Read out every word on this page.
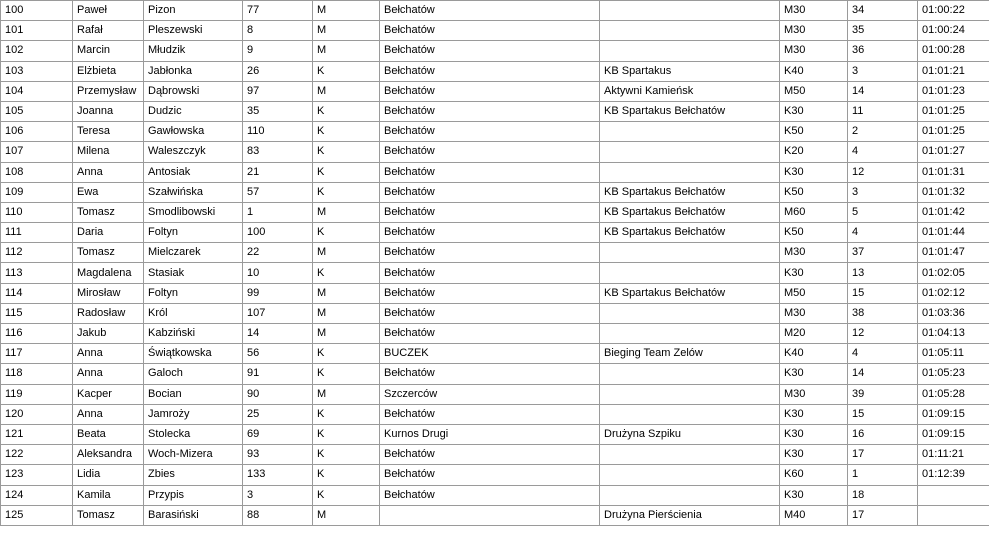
100	Paweł	Pizon	77	M	Bełchatów		M30	34	01:00:22
101	Rafał	Pleszewski	8	M	Bełchatów		M30	35	01:00:24
102	Marcin	Młudzik	9	M	Bełchatów		M30	36	01:00:28
103	Elżbieta	Jabłonka	26	K	Bełchatów	KB Spartakus	K40	3	01:01:21
104	Przemysław	Dąbrowski	97	M	Bełchatów	Aktywni Kamieńsk	M50	14	01:01:23
105	Joanna	Dudzic	35	K	Bełchatów	KB Spartakus Bełchatów	K30	11	01:01:25
106	Teresa	Gawłowska	110	K	Bełchatów		K50	2	01:01:25
107	Milena	Waleszczyk	83	K	Bełchatów		K20	4	01:01:27
108	Anna	Antosiak	21	K	Bełchatów		K30	12	01:01:31
109	Ewa	Szałwińska	57	K	Bełchatów	KB Spartakus Bełchatów	K50	3	01:01:32
110	Tomasz	Smodlibowski	1	M	Bełchatów	KB Spartakus Bełchatów	M60	5	01:01:42
111	Daria	Foltyn	100	K	Bełchatów	KB Spartakus Bełchatów	K50	4	01:01:44
112	Tomasz	Mielczarek	22	M	Bełchatów		M30	37	01:01:47
113	Magdalena	Stasiak	10	K	Bełchatów		K30	13	01:02:05
114	Mirosław	Foltyn	99	M	Bełchatów	KB Spartakus Bełchatów	M50	15	01:02:12
115	Radosław	Król	107	M	Bełchatów		M30	38	01:03:36
116	Jakub	Kabziński	14	M	Bełchatów		M20	12	01:04:13
117	Anna	Świątkowska	56	K	BUCZEK	Bieging Team Zelów	K40	4	01:05:11
118	Anna	Galoch	91	K	Bełchatów		K30	14	01:05:23
119	Kacper	Bocian	90	M	Szczerców		M30	39	01:05:28
120	Anna	Jamroży	25	K	Bełchatów		K30	15	01:09:15
121	Beata	Stolecka	69	K	Kurnos Drugi	Drużyna Szpiku	K30	16	01:09:15
122	Aleksandra	Woch-Mizera	93	K	Bełchatów		K30	17	01:11:21
123	Lidia	Zbies	133	K	Bełchatów		K60	1	01:12:39
124	Kamila	Przypis	3	K	Bełchatów		K30	18	
125	Tomasz	Barasiński	88	M		Drużyna Pierścienia	M40	17	
